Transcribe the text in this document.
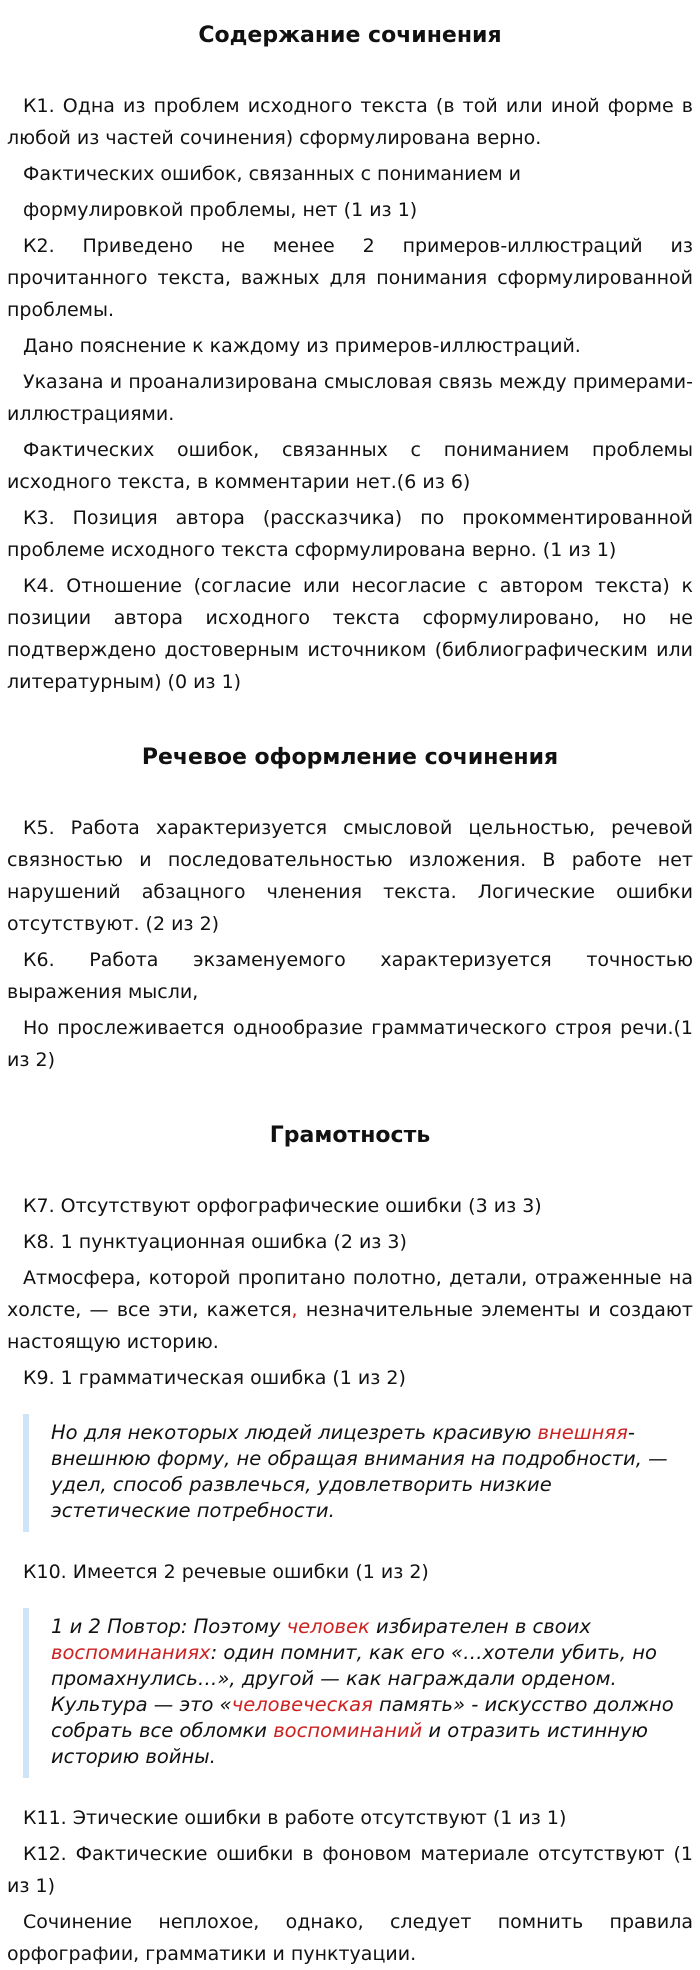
Содержание сочинения

К1. Одна из проблем исходного текста (в той или иной форме в любой из частей сочинения) сформулирована верно.

Фактических ошибок, связанных с пониманием и

формулировкой проблемы, нет (1 из 1)

К2. Приведено не менее 2 примеров-иллюстраций из прочитанного текста, важных для понимания сформулированной проблемы.

Дано пояснение к каждому из примеров-иллюстраций.

Указана и проанализирована смысловая связь между примерами-иллюстрациями.

Фактических ошибок, связанных с пониманием проблемы исходного текста, в комментарии нет.(6 из 6)

К3. Позиция автора (рассказчика) по прокомментированной проблеме исходного текста сформулирована верно. (1 из 1)

К4. Отношение (согласие или несогласие с автором текста) к позиции автора исходного текста сформулировано, но не подтверждено достоверным источником (библиографическим или литературным) (0 из 1)

Речевое оформление сочинения

К5. Работа характеризуется смысловой цельностью, речевой связностью и последовательностью изложения. В работе нет нарушений абзацного членения текста. Логические ошибки отсутствуют. (2 из 2)

К6. Работа экзаменуемого характеризуется точностью выражения мысли,

Но прослеживается однообразие грамматического строя речи.(1 из 2)

Грамотность

К7. Отсутствуют орфографические ошибки (3 из 3)

К8. 1 пунктуационная ошибка (2 из 3)

Атмосфера, которой пропитано полотно, детали, отраженные на холсте, — все эти, кажется, незначительные элементы и создают настоящую историю.

К9. 1 грамматическая ошибка (1 из 2)

Но для некоторых людей лицезреть красивую внешняя-внешнюю форму, не обращая внимания на подробности, — удел, способ развлечься, удовлетворить низкие эстетические потребности.

К10. Имеется 2 речевые ошибки (1 из 2)

1 и 2 Повтор: Поэтому человек избирателен в своих воспоминаниях: один помнит, как его «…хотели убить, но промахнулись…», другой — как награждали орденом. Культура — это «человеческая память» - искусство должно собрать все обломки воспоминаний и отразить истинную историю войны.

К11. Этические ошибки в работе отсутствуют (1 из 1)

К12. Фактические ошибки в фоновом материале отсутствуют (1 из 1)

Сочинение неплохое, однако, следует помнить правила орфографии, грамматики и пунктуации.
